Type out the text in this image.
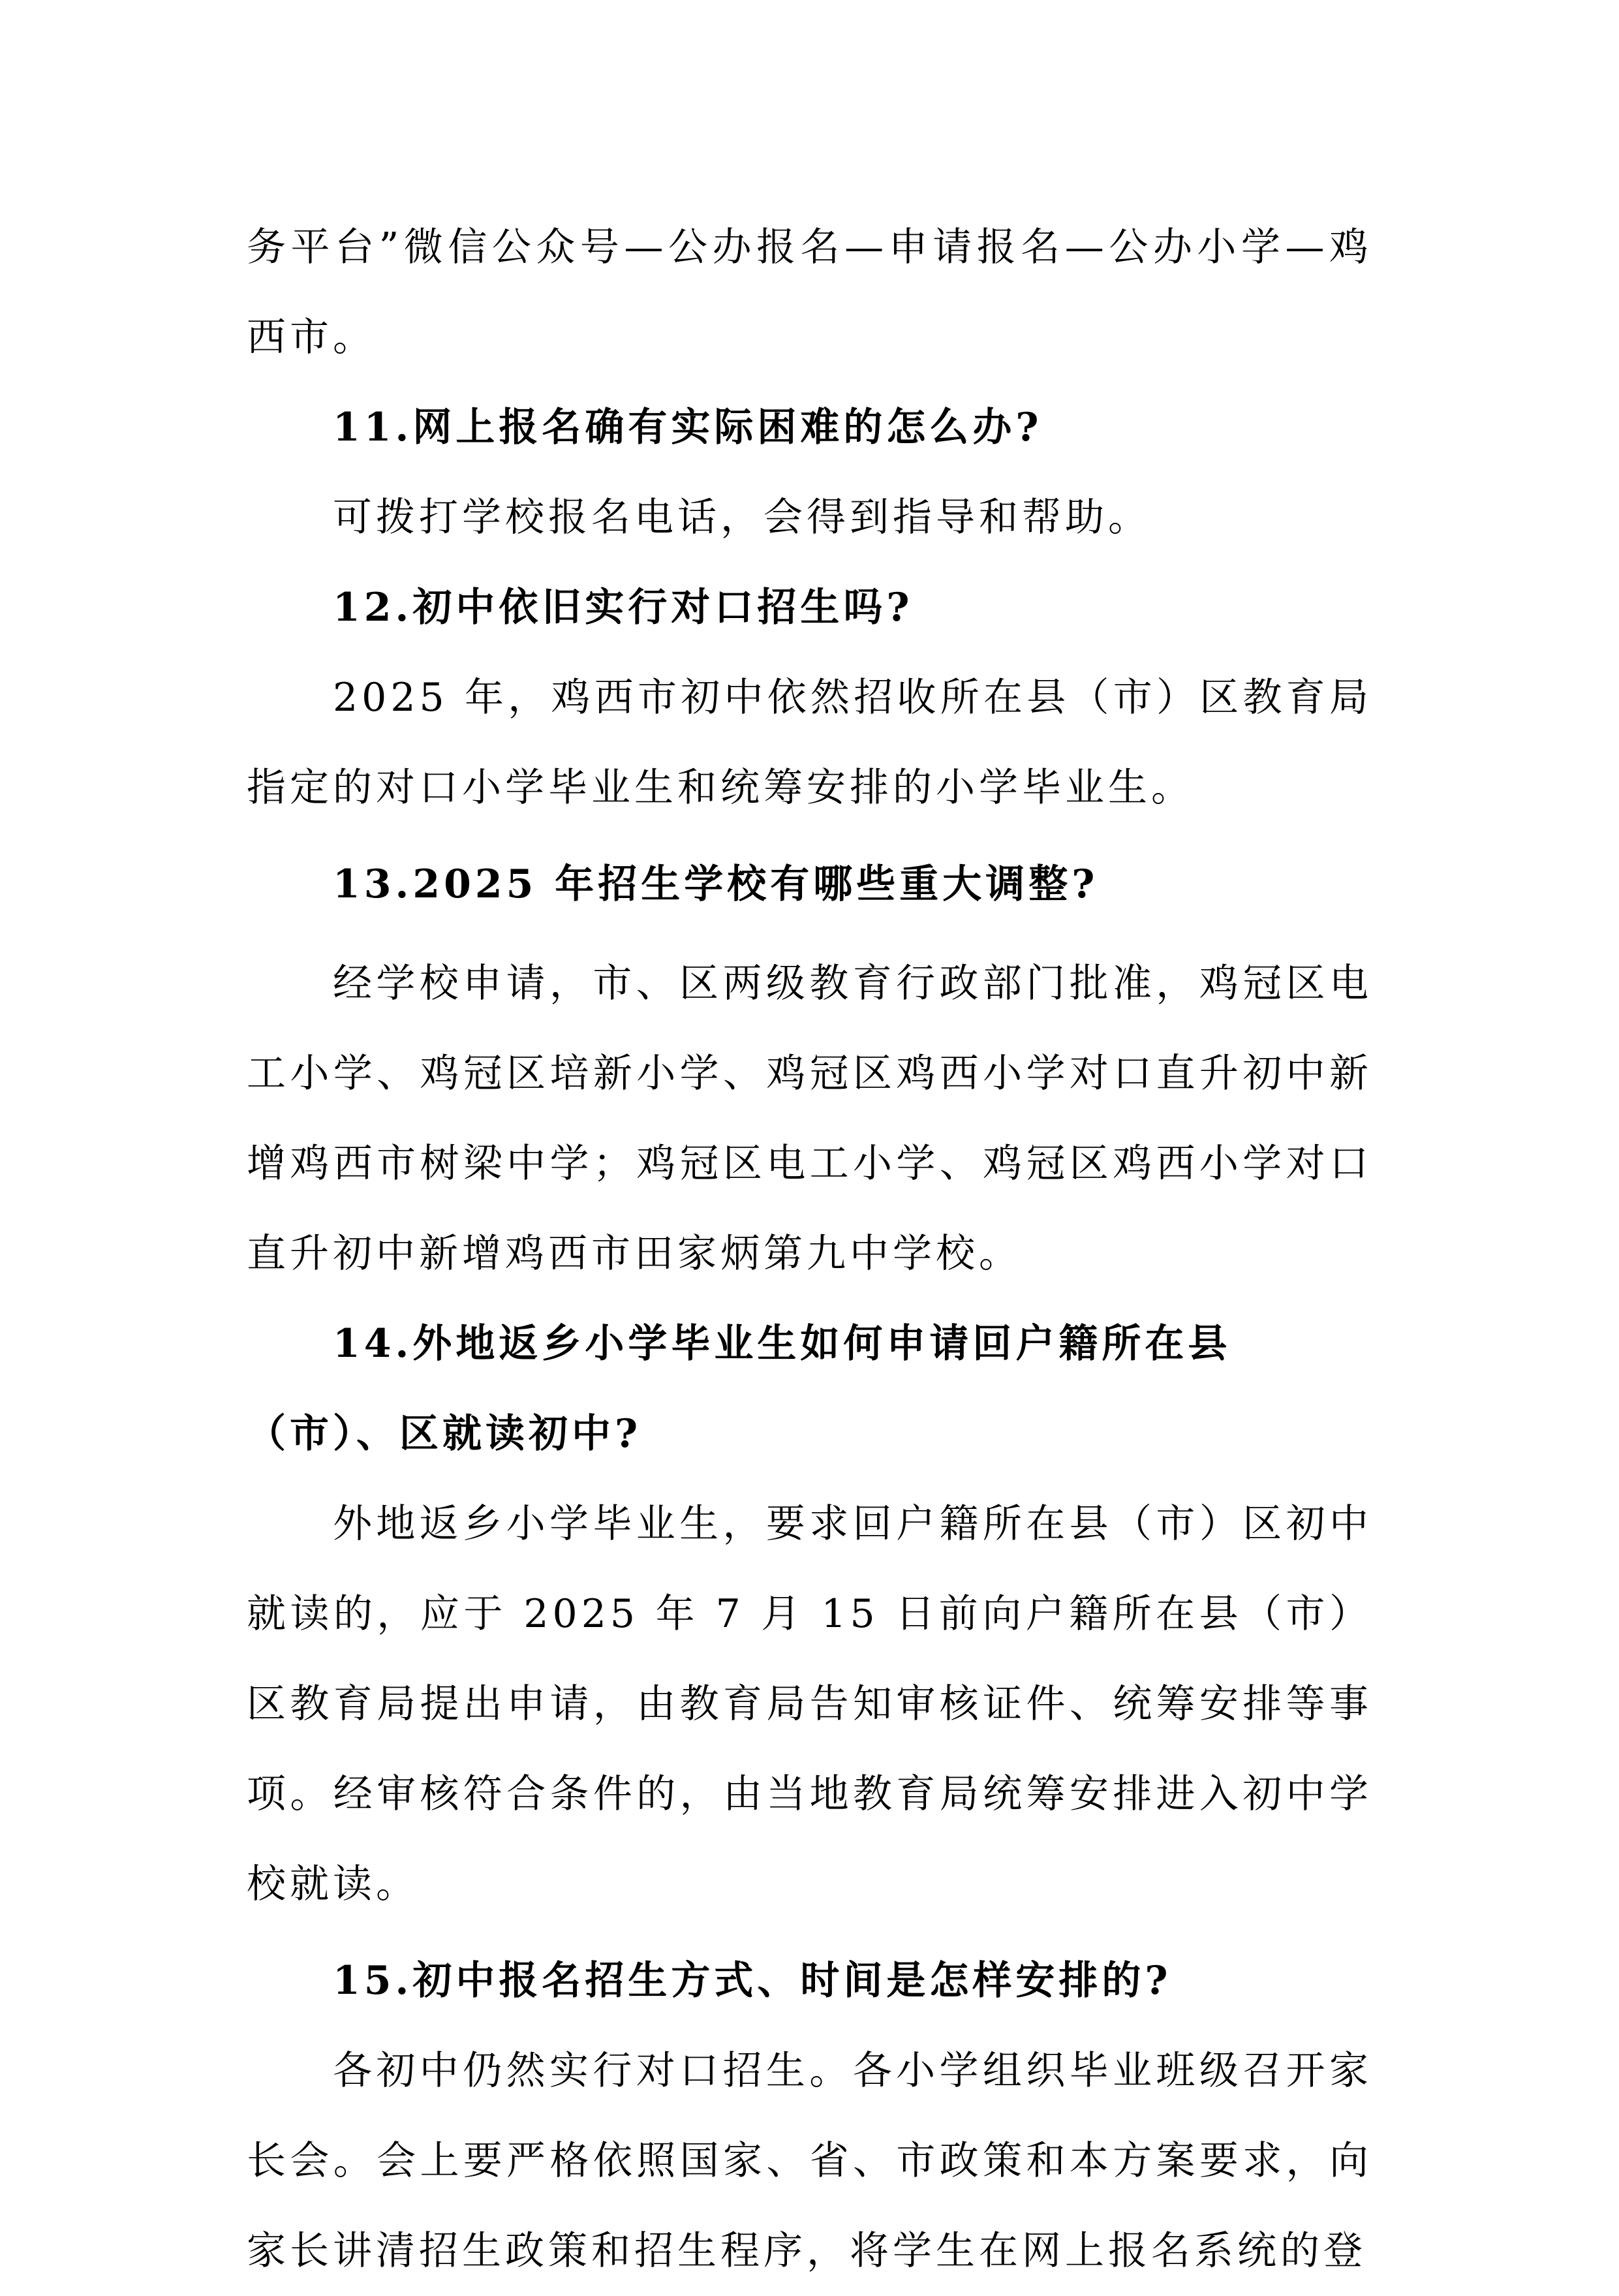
务平台”微信公众号—公办报名—申请报名—公办小学—鸡西市。

11.网上报名确有实际困难的怎么办?

可拨打学校报名电话，会得到指导和帮助。

12.初中依旧实行对口招生吗?

2025 年，鸡西市初中依然招收所在县（市）区教育局指定的对口小学毕业生和统筹安排的小学毕业生。

13.2025 年招生学校有哪些重大调整?

经学校申请，市、区两级教育行政部门批准，鸡冠区电工小学、鸡冠区培新小学、鸡冠区鸡西小学对口直升初中新增鸡西市树梁中学；鸡冠区电工小学、鸡冠区鸡西小学对口直升初中新增鸡西市田家炳第九中学校。

14.外地返乡小学毕业生如何申请回户籍所在县（市）、区就读初中?

外地返乡小学毕业生，要求回户籍所在县（市）区初中就读的，应于 2025 年 7 月 15 日前向户籍所在县（市）区教育局提出申请，由教育局告知审核证件、统筹安排等事项。经审核符合条件的，由当地教育局统筹安排进入初中学校就读。

15.初中报名招生方式、时间是怎样安排的?

各初中仍然实行对口招生。各小学组织毕业班级召开家长会。会上要严格依照国家、省、市政策和本方案要求，向家长讲清招生政策和招生程序，将学生在网上报名系统的登
